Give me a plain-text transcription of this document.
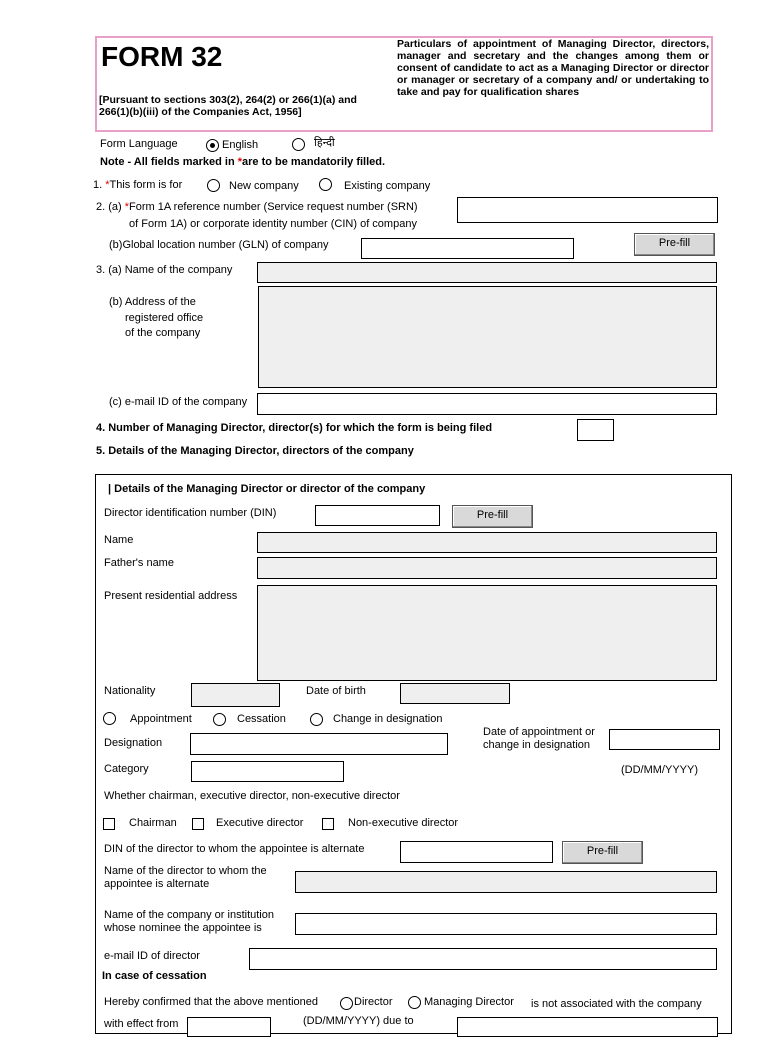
FORM 32
[Pursuant to sections 303(2), 264(2) or 266(1)(a) and 266(1)(b)(iii) of the Companies Act, 1956]
Particulars of appointment of Managing Director, directors, manager and secretary and the changes among them or consent of candidate to act as a Managing Director or director or manager or secretary of a company and/ or undertaking to take and pay for qualification shares
Form Language	English	हिन्दी
Note - All fields marked in *are to be mandatorily filled.
1. *This form is for	New company	Existing company
2. (a) *Form 1A reference number (Service request number (SRN)
of Form 1A) or corporate identity number (CIN) of company
(b)Global location number (GLN) of company	Pre-fill
3. (a) Name of the company
(b) Address of the
registered office
of the company
(c) e-mail ID of the company
4. Number of Managing Director, director(s) for which the form is being filed
5. Details of the Managing Director, directors of the company
| Details of the Managing Director or director of the company
Director identification number (DIN)	Pre-fill
Name
Father's name
Present residential address
Nationality	Date of birth
Appointment	Cessation	Change in designation
Designation
Date of appointment or
change in designation
Category	(DD/MM/YYYY)
Whether chairman, executive director, non-executive director
Chairman	Executive director	Non-executive director
DIN of the director to whom the appointee is alternate	Pre-fill
Name of the director to whom the
appointee is alternate
Name of the company or institution
whose nominee the appointee is
e-mail ID of director
In case of cessation
Hereby confirmed that the above mentioned	Director	Managing Director is not associated with the company
with effect from	(DD/MM/YYYY) due to
